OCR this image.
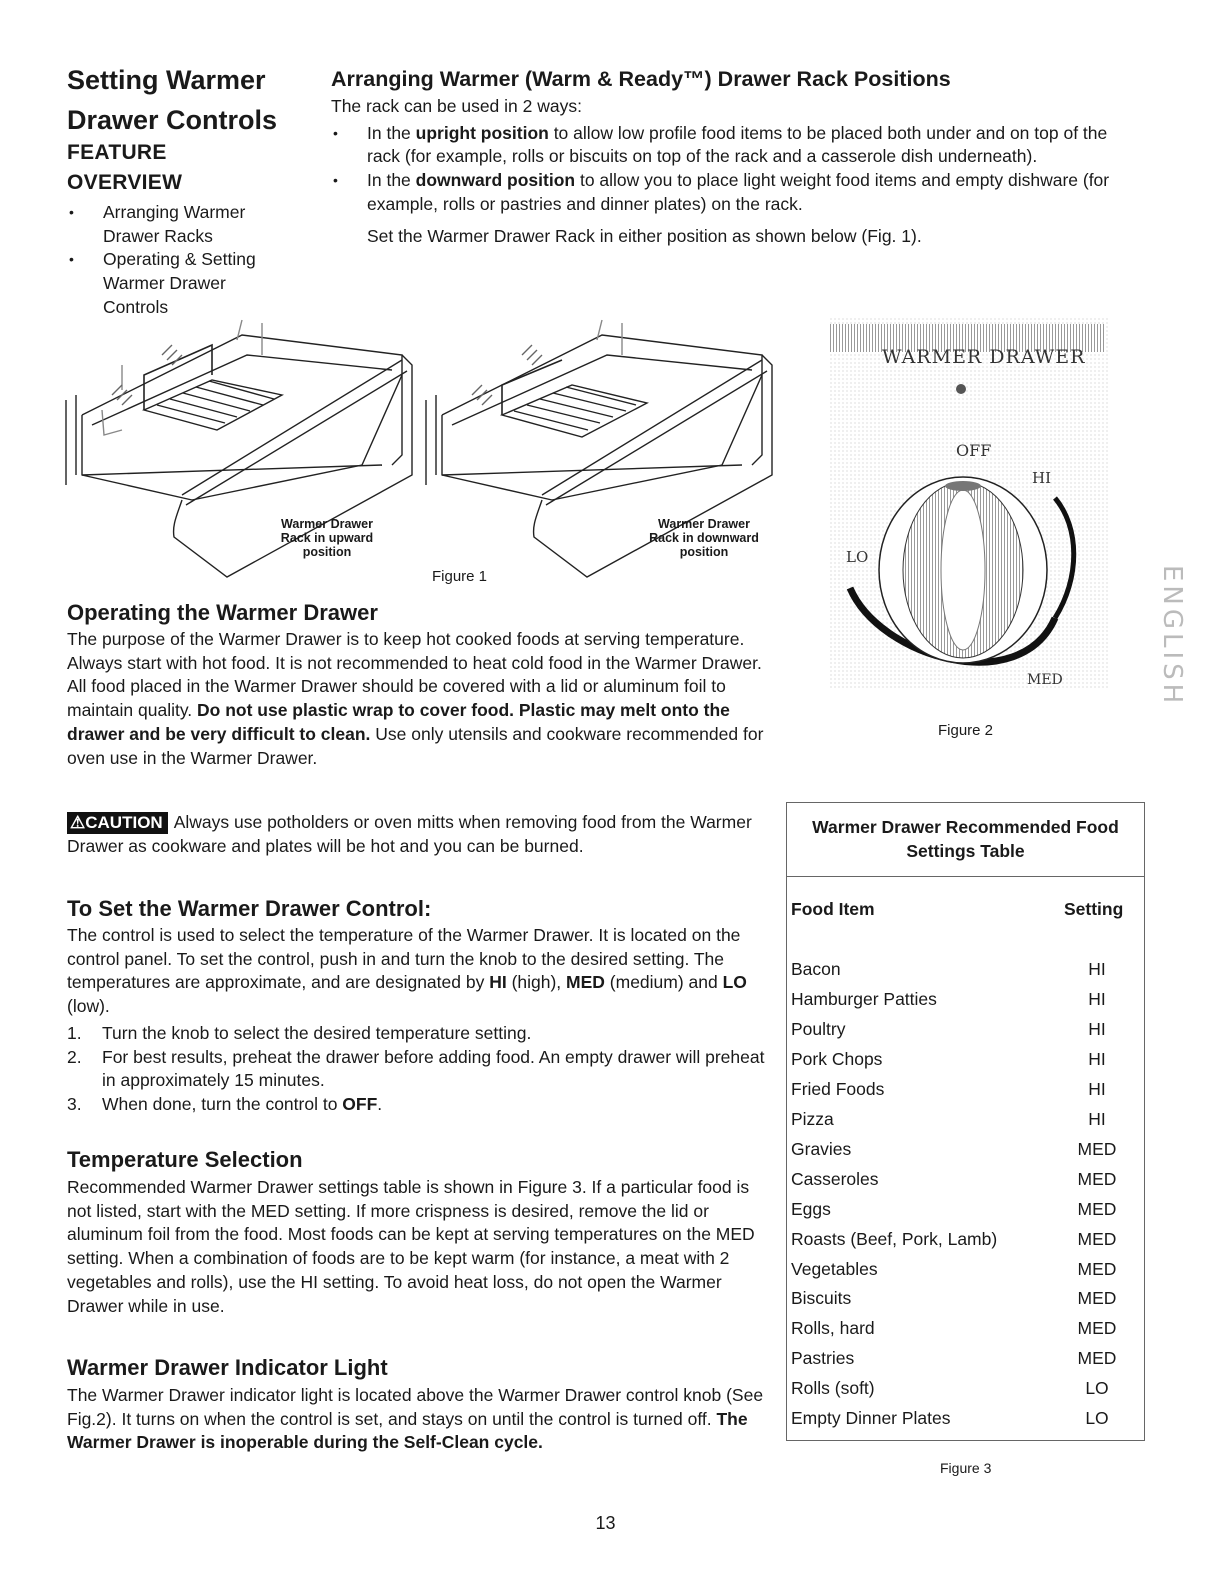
Setting Warmer
Drawer Controls
FEATURE
OVERVIEW
• Arranging Warmer Drawer Racks
• Operating & Setting Warmer Drawer Controls
Arranging Warmer (Warm & Ready™) Drawer Rack Positions

The rack can be used in 2 ways:

• In the upright position to allow low profile food items to be placed both under and on top of the rack (for example, rolls or biscuits on top of the rack and a casserole dish underneath).
• In the downward position to allow you to place light weight food items and empty dishware (for example, rolls or pastries and dinner plates) on the rack.

Set the Warmer Drawer Rack in either position as shown below (Fig. 1).

Warmer Drawer
Rack in upward
position
Warmer Drawer
Rack in downward
position
Figure 1
WARMER DRAWER
OFF
HI
LO
MED
Figure 2
ENGLISH
Operating the Warmer Drawer

The purpose of the Warmer Drawer is to keep hot cooked foods at serving temperature. Always start with hot food. It is not recommended to heat cold food in the Warmer Drawer. All food placed in the Warmer Drawer should be covered with a lid or aluminum foil to maintain quality. Do not use plastic wrap to cover food. Plastic may melt onto the drawer and be very difficult to clean. Use only utensils and cookware recommended for oven use in the Warmer Drawer.

⚠CAUTION Always use potholders or oven mitts when removing food from the Warmer Drawer as cookware and plates will be hot and you can be burned.
To Set the Warmer Drawer Control:

The control is used to select the temperature of the Warmer Drawer. It is located on the control panel. To set the control, push in and turn the knob to the desired setting. The temperatures are approximate, and are designated by HI (high), MED (medium) and LO (low).

1. Turn the knob to select the desired temperature setting.
2. For best results, preheat the drawer before adding food. An empty drawer will preheat in approximately 15 minutes.
3. When done, turn the control to OFF.
Temperature Selection

Recommended Warmer Drawer settings table is shown in Figure 3. If a particular food is not listed, start with the MED setting. If more crispness is desired, remove the lid or aluminum foil from the food. Most foods can be kept at serving temperatures on the MED setting. When a combination of foods are to be kept warm (for instance, a meat with 2 vegetables and rolls), use the HI setting. To avoid heat loss, do not open the Warmer Drawer while in use.

Warmer Drawer Indicator Light

The Warmer Drawer indicator light is located above the Warmer Drawer control knob (See Fig.2). It turns on when the control is set, and stays on until the control is turned off. The Warmer Drawer is inoperable during the Self-Clean cycle.

Warmer Drawer Recommended Food
Settings Table
Food Item	Setting
Bacon	HI
Hamburger Patties	HI
Poultry	HI
Pork Chops	HI
Fried Foods	HI
Pizza	HI
Gravies	MED
Casseroles	MED
Eggs	MED
Roasts (Beef, Pork, Lamb)	MED
Vegetables	MED
Biscuits	MED
Rolls, hard	MED
Pastries	MED
Rolls (soft)	LO
Empty Dinner Plates	LO
Figure 3
13
